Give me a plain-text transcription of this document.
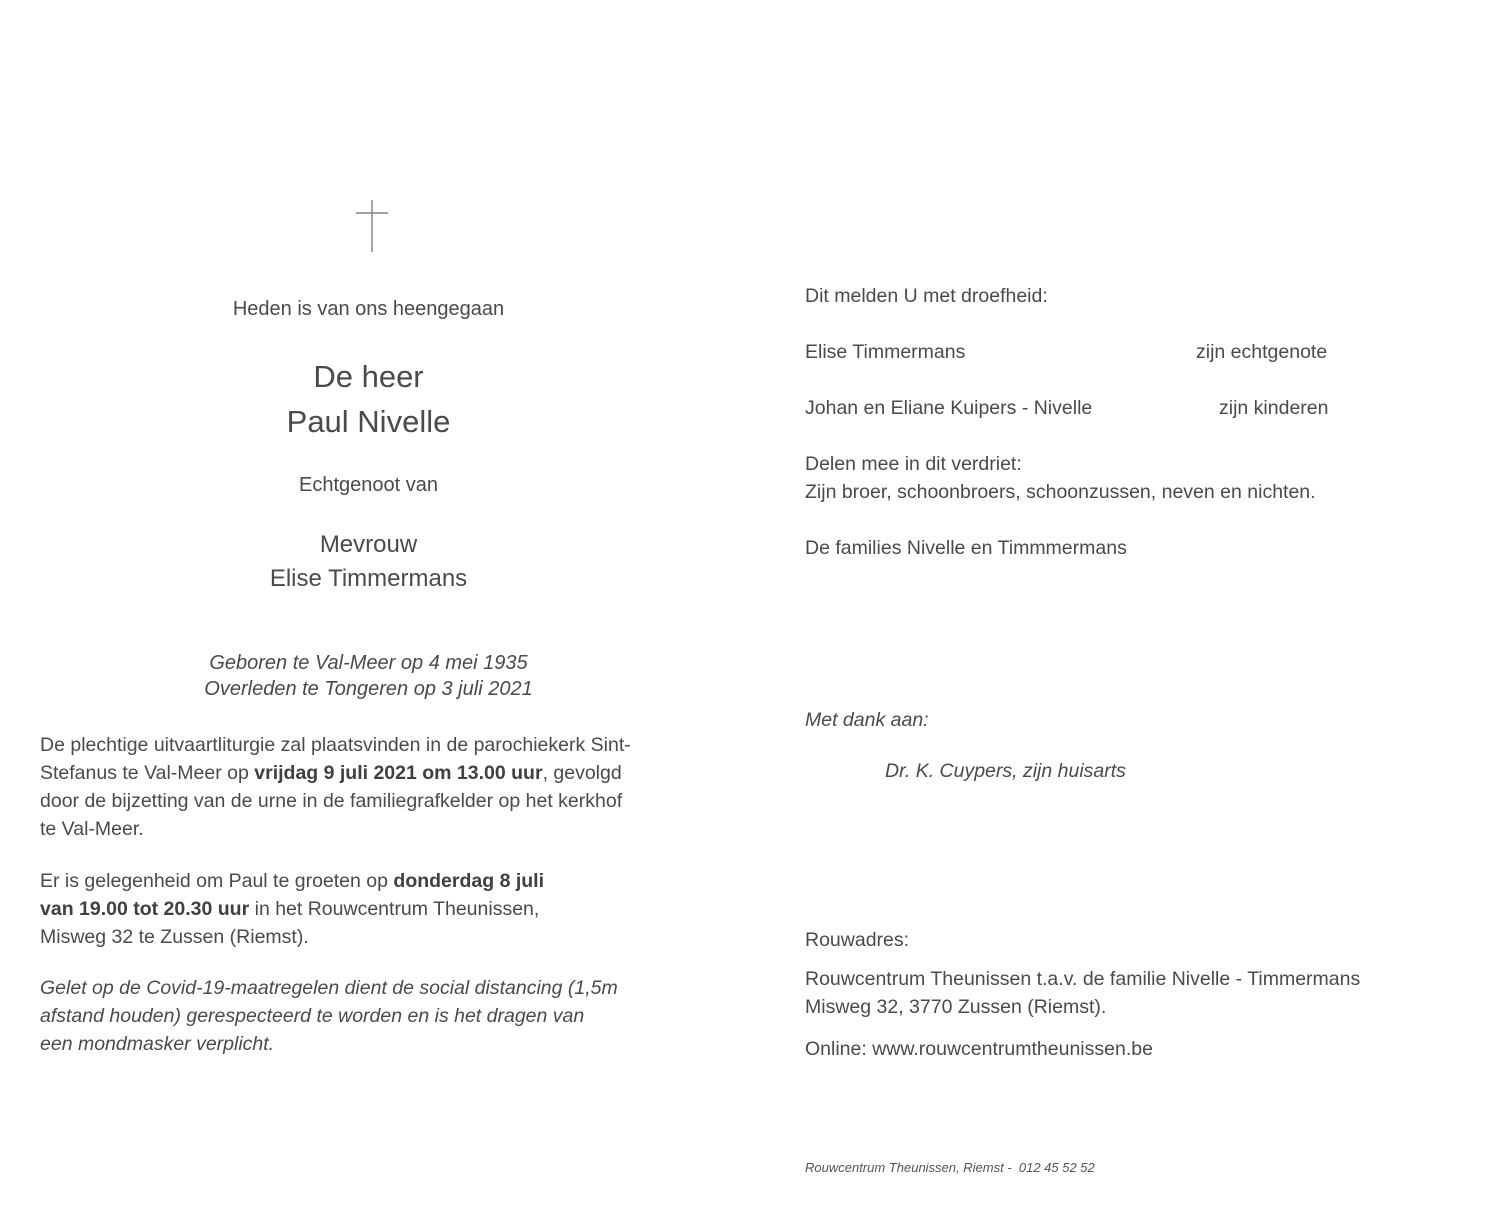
Heden is van ons heengegaan
De heer
Paul Nivelle
Echtgenoot van
Mevrouw
Elise Timmermans
Geboren te Val-Meer op 4 mei 1935
Overleden te Tongeren op 3 juli 2021
De plechtige uitvaartliturgie zal plaatsvinden in de parochiekerk Sint-Stefanus te Val-Meer op vrijdag 9 juli 2021 om 13.00 uur, gevolgd door de bijzetting van de urne in de familiegrafkelder op het kerkhof te Val-Meer.
Er is gelegenheid om Paul te groeten op donderdag 8 juli
van 19.00 tot 20.30 uur in het Rouwcentrum Theunissen, Misweg 32 te Zussen (Riemst).
Gelet op de Covid-19-maatregelen dient de social distancing (1,5m afstand houden) gerespecteerd te worden en is het dragen van een mondmasker verplicht.
Dit melden U met droefheid:
Elise Timmermans	zijn echtgenote
Johan en Eliane Kuipers - Nivelle	zijn kinderen
Delen mee in dit verdriet:
Zijn broer, schoonbroers, schoonzussen, neven en nichten.
De families Nivelle en Timmmermans
Met dank aan:
Dr. K. Cuypers, zijn huisarts
Rouwadres:
Rouwcentrum Theunissen t.a.v. de familie Nivelle - Timmermans
Misweg 32, 3770 Zussen (Riemst).
Online: www.rouwcentrumtheunissen.be
Rouwcentrum Theunissen, Riemst -  012 45 52 52
